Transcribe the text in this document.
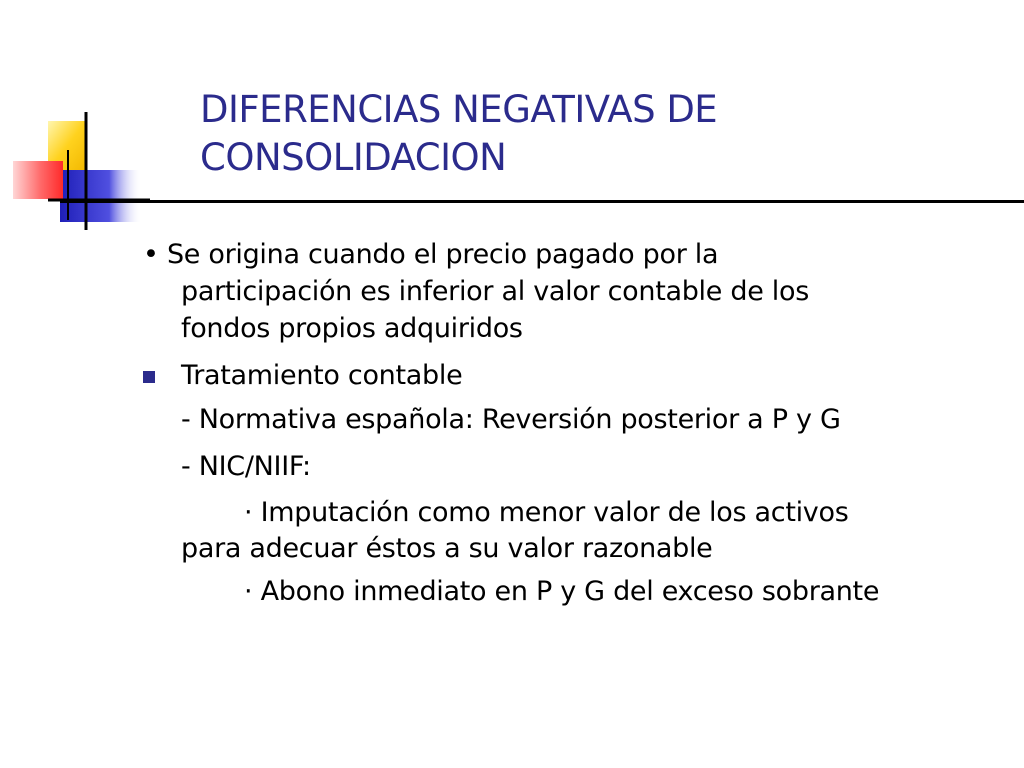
DIFERENCIAS NEGATIVAS DE
CONSOLIDACION
• Se origina cuando el precio pagado por la
participación es inferior al valor contable de los
fondos propios adquiridos
Tratamiento contable
- Normativa española: Reversión posterior a P y G
- NIC/NIIF:
· Imputación como menor valor de los activos
para adecuar éstos a su valor razonable
· Abono inmediato en P y G del exceso sobrante
